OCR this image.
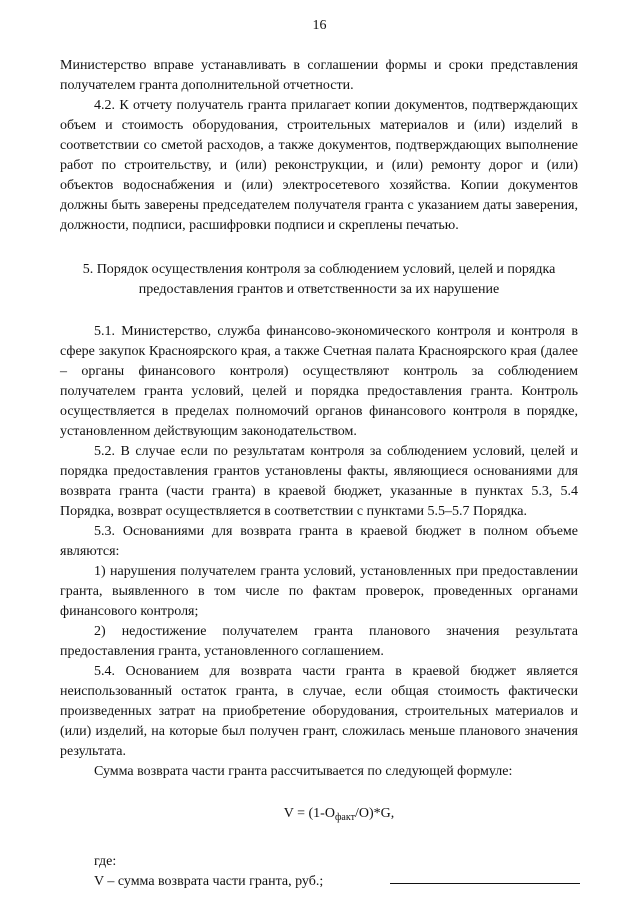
16

Министерство вправе устанавливать в соглашении формы и сроки представления получателем гранта дополнительной отчетности.

4.2. К отчету получатель гранта прилагает копии документов, подтверждающих объем и стоимость оборудования, строительных материалов и (или) изделий в соответствии со сметой расходов, а также документов, подтверждающих выполнение работ по строительству, и (или) реконструкции, и (или) ремонту дорог и (или) объектов водоснабжения и (или) электросетевого хозяйства. Копии документов должны быть заверены председателем получателя гранта с указанием даты заверения, должности, подписи, расшифровки подписи и скреплены печатью.

5. Порядок осуществления контроля за соблюдением условий, целей и порядка предоставления грантов и ответственности за их нарушение

5.1. Министерство, служба финансово-экономического контроля и контроля в сфере закупок Красноярского края, а также Счетная палата Красноярского края (далее – органы финансового контроля) осуществляют контроль за соблюдением получателем гранта условий, целей и порядка предоставления гранта. Контроль осуществляется в пределах полномочий органов финансового контроля в порядке, установленном действующим законодательством.

5.2. В случае если по результатам контроля за соблюдением условий, целей и порядка предоставления грантов установлены факты, являющиеся основаниями для возврата гранта (части гранта) в краевой бюджет, указанные в пунктах 5.3, 5.4 Порядка, возврат осуществляется в соответствии с пунктами 5.5–5.7 Порядка.

5.3. Основаниями для возврата гранта в краевой бюджет в полном объеме являются:

1) нарушения получателем гранта условий, установленных при предоставлении гранта, выявленного в том числе по фактам проверок, проведенных органами финансового контроля;

2) недостижение получателем гранта планового значения результата предоставления гранта, установленного соглашением.

5.4. Основанием для возврата части гранта в краевой бюджет является неиспользованный остаток гранта, в случае, если общая стоимость фактически произведенных затрат на приобретение оборудования, строительных материалов и (или) изделий, на которые был получен грант, сложилась меньше планового значения результата.

Сумма возврата части гранта рассчитывается по следующей формуле:

$V = (1-O_{факт}/O)*G$,

где:

V – сумма возврата части гранта, руб.;
